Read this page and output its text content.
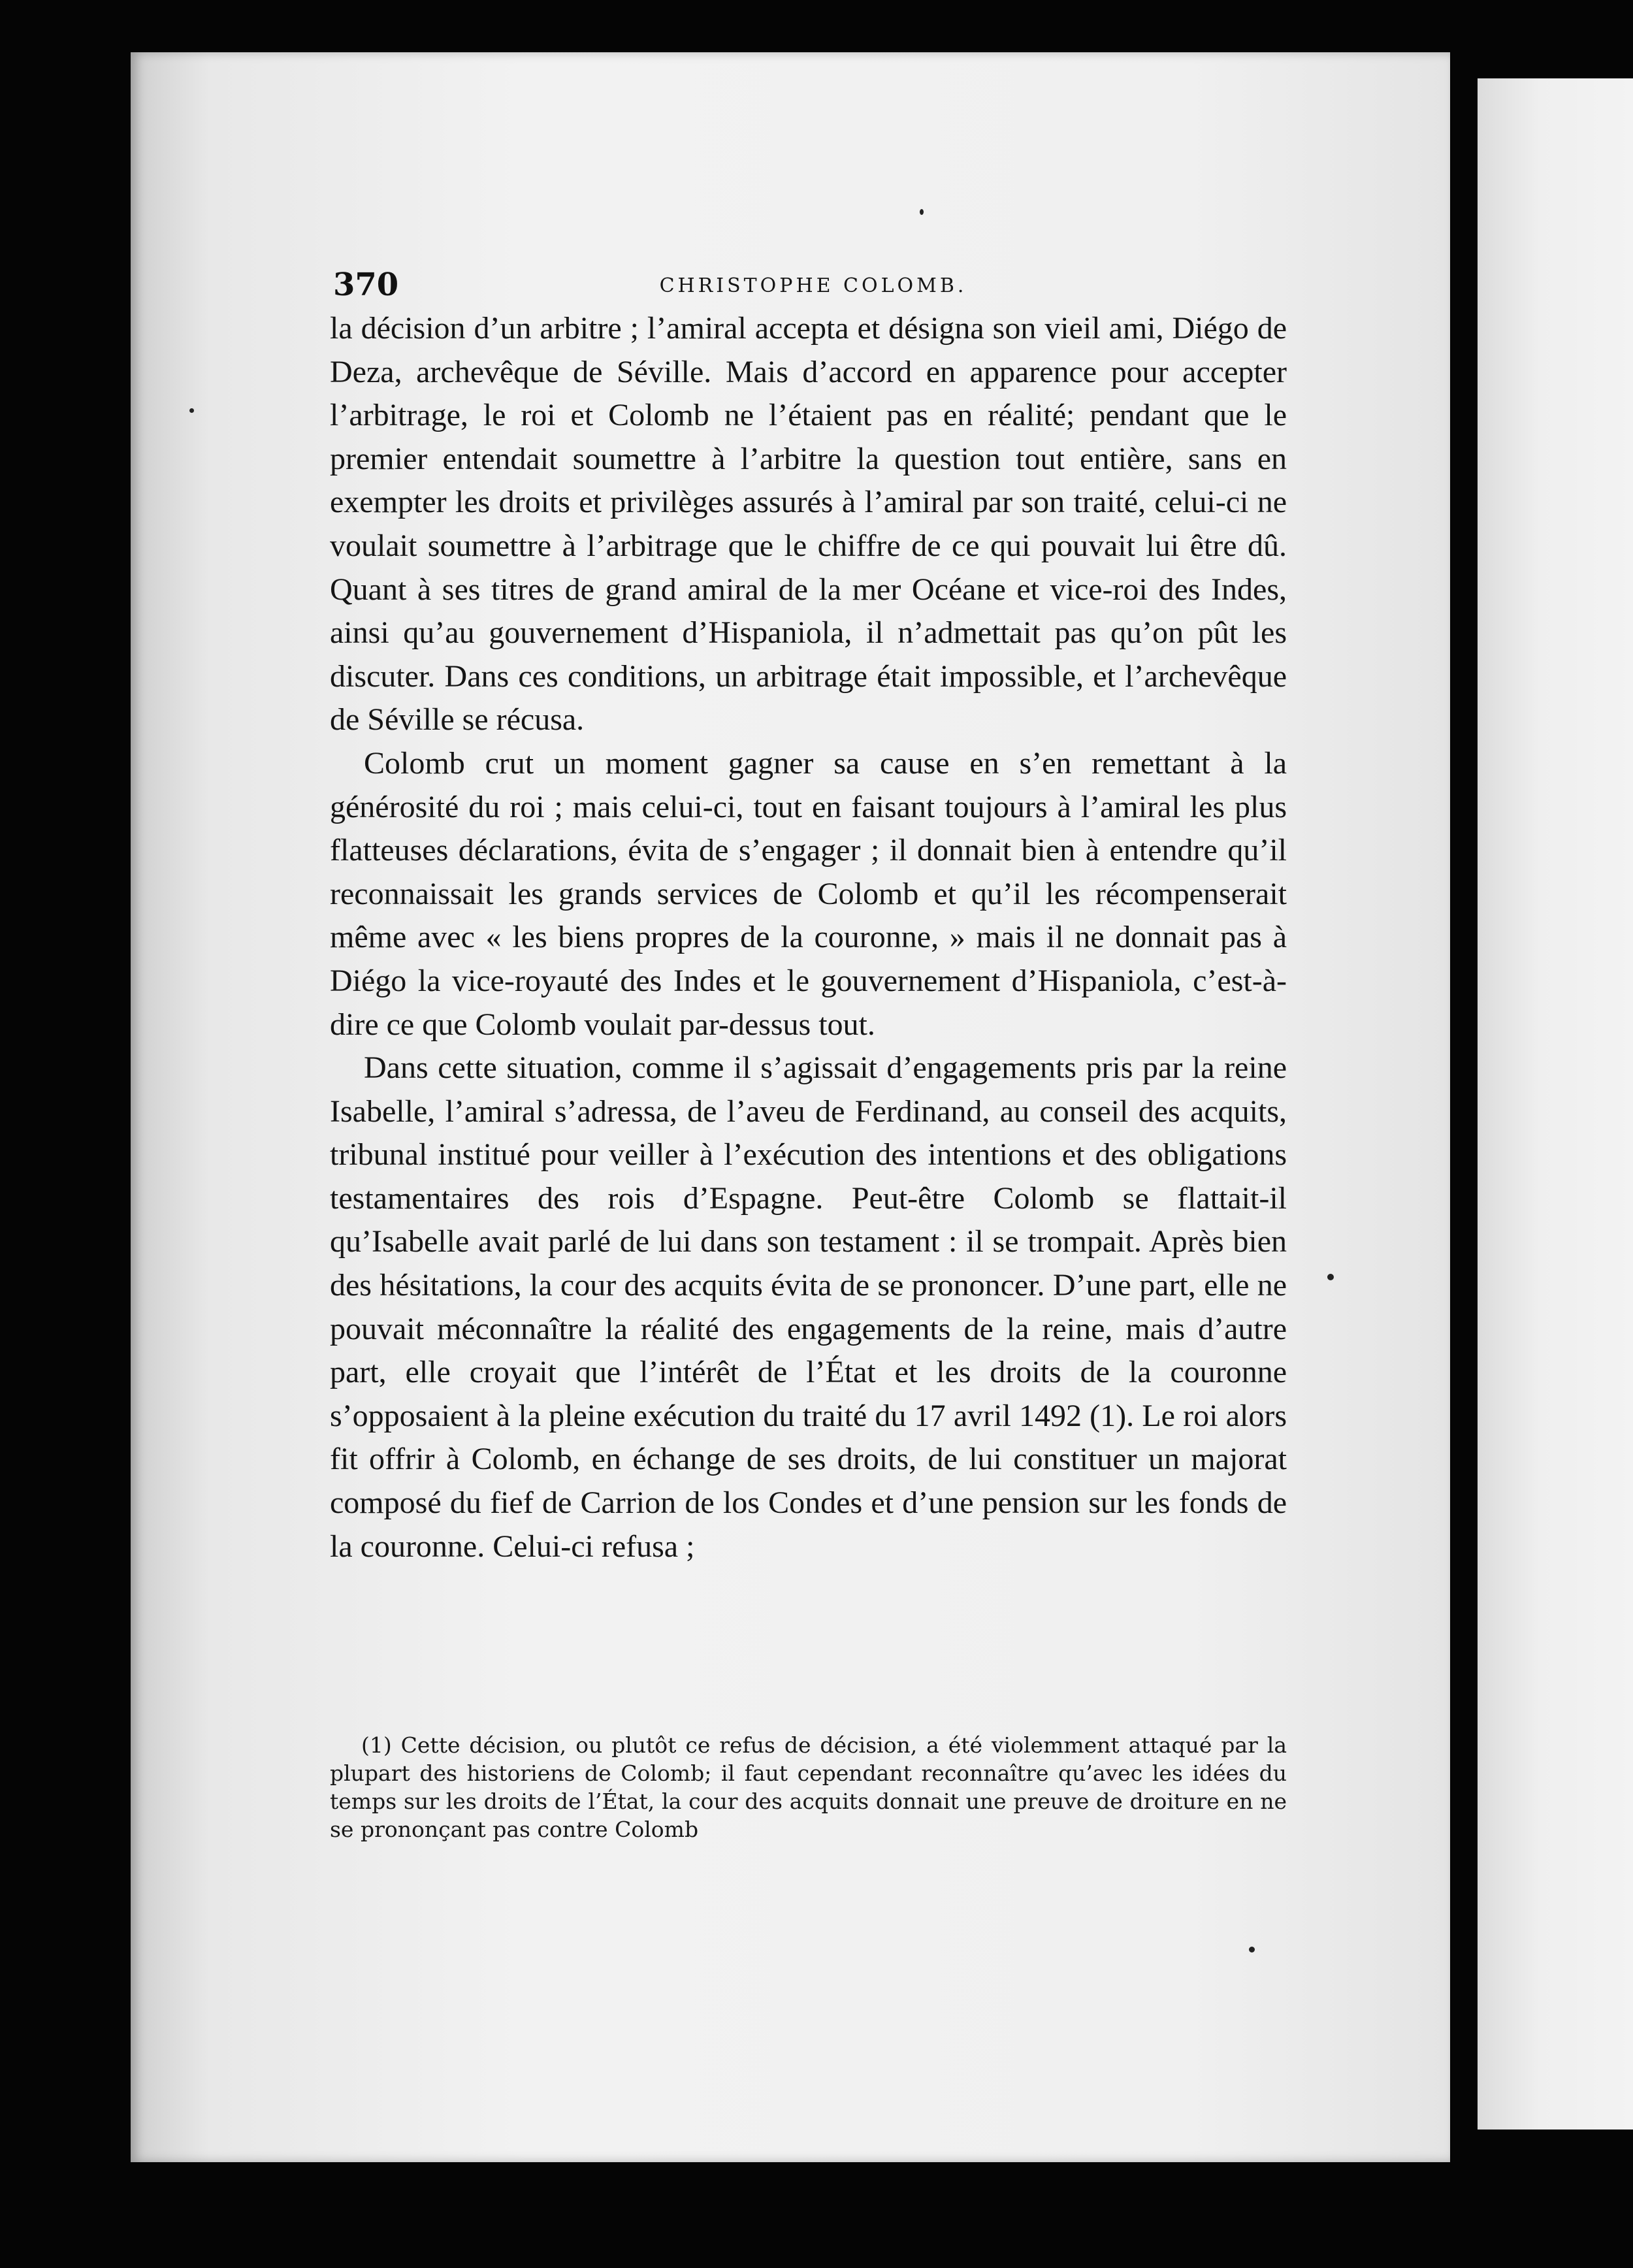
370	CHRISTOPHE COLOMB.

la décision d’un arbitre ; l’amiral accepta et désigna son vieil ami, Diégo de Deza, archevêque de Séville. Mais d’accord en apparence pour accepter l’arbitrage, le roi et Colomb ne l’étaient pas en réalité; pendant que le premier entendait soumettre à l’arbitre la question tout entière, sans en exempter les droits et privilèges assurés à l’amiral par son traité, celui-ci ne voulait soumettre à l’arbitrage que le chiffre de ce qui pouvait lui être dû. Quant à ses titres de grand amiral de la mer Océane et vice-roi des Indes, ainsi qu’au gouvernement d’Hispaniola, il n’admettait pas qu’on pût les discuter. Dans ces conditions, un arbitrage était impossible, et l’archevêque de Séville se récusa.

Colomb crut un moment gagner sa cause en s’en remettant à la générosité du roi ; mais celui-ci, tout en faisant toujours à l’amiral les plus flatteuses déclarations, évita de s’engager ; il donnait bien à entendre qu’il reconnaissait les grands services de Colomb et qu’il les récompenserait même avec « les biens propres de la couronne, » mais il ne donnait pas à Diégo la vice-royauté des Indes et le gouvernement d’Hispaniola, c’est-à-dire ce que Colomb voulait par-dessus tout.

Dans cette situation, comme il s’agissait d’engagements pris par la reine Isabelle, l’amiral s’adressa, de l’aveu de Ferdinand, au conseil des acquits, tribunal institué pour veiller à l’exécution des intentions et des obligations testamentaires des rois d’Espagne. Peut-être Colomb se flattait-il qu’Isabelle avait parlé de lui dans son testament : il se trompait. Après bien des hésitations, la cour des acquits évita de se prononcer. D’une part, elle ne pouvait méconnaître la réalité des engagements de la reine, mais d’autre part, elle croyait que l’intérêt de l’État et les droits de la couronne s’opposaient à la pleine exécution du traité du 17 avril 1492 (1). Le roi alors fit offrir à Colomb, en échange de ses droits, de lui constituer un majorat composé du fief de Carrion de los Condes et d’une pension sur les fonds de la couronne. Celui-ci refusa ;

(1) Cette décision, ou plutôt ce refus de décision, a été violemment attaqué par la plupart des historiens de Colomb; il faut cependant reconnaître qu’avec les idées du temps sur les droits de l’État, la cour des acquits donnait une preuve de droiture en ne se prononçant pas contre Colomb
